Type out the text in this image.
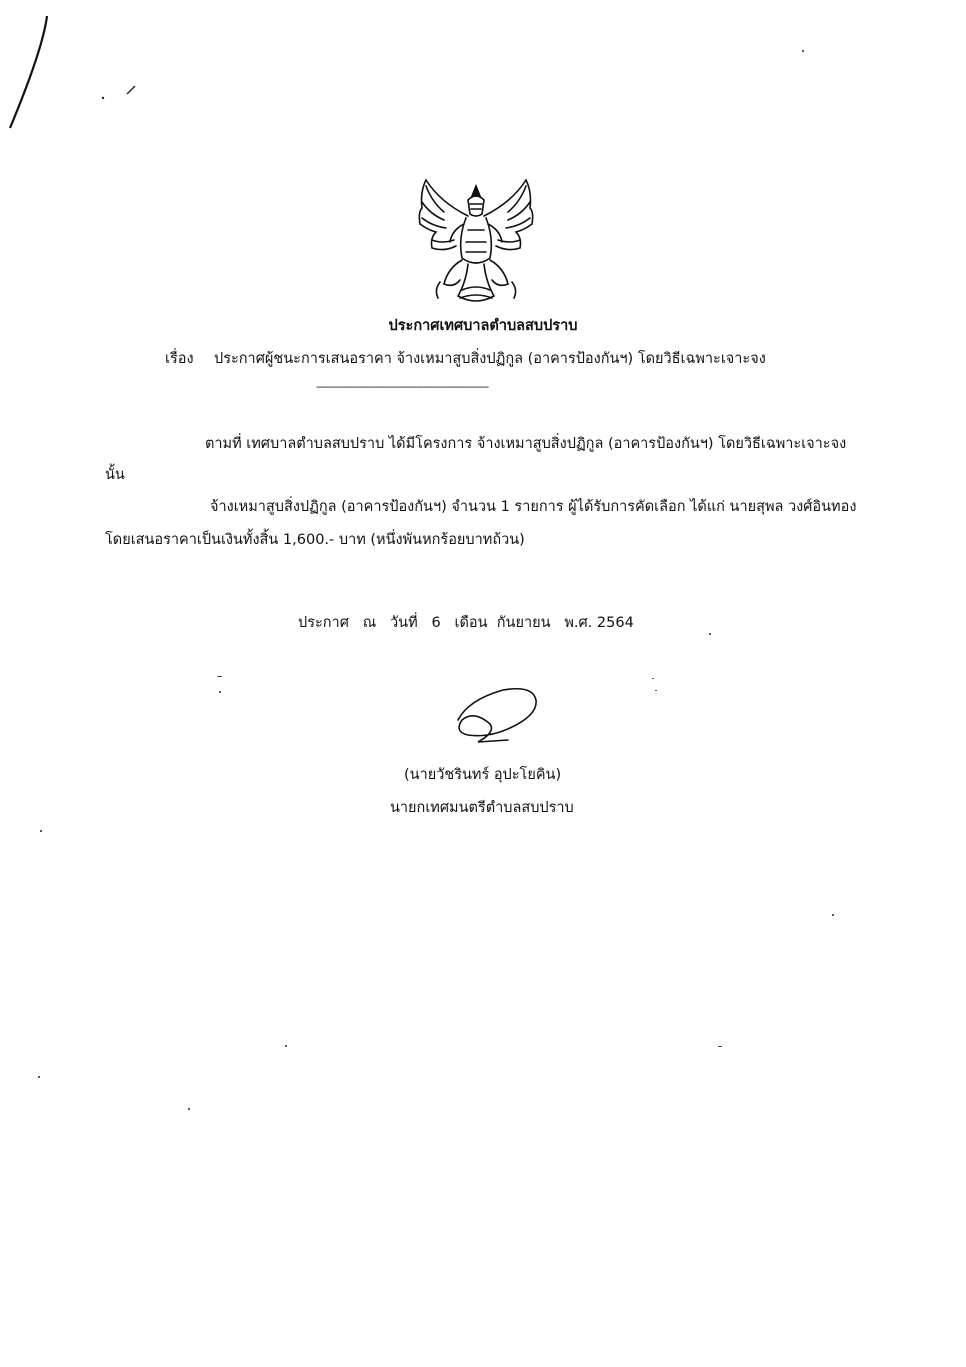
ประกาศเทศบาลตำบลสบปราบ
เรื่อง ประกาศผู้ชนะการเสนอราคา จ้างเหมาสูบสิ่งปฏิกูล (อาคารป้องกันฯ) โดยวิธีเฉพาะเจาะจง
----------------------------------------------------------
ตามที่ เทศบาลตำบลสบปราบ ได้มีโครงการ จ้างเหมาสูบสิ่งปฏิกูล (อาคารป้องกันฯ) โดยวิธีเฉพาะเจาะจง
นั้น
จ้างเหมาสูบสิ่งปฏิกูล (อาคารป้องกันฯ) จำนวน 1 รายการ ผู้ได้รับการคัดเลือก ได้แก่ นายสุพล วงศ์อินทอง
โดยเสนอราคาเป็นเงินทั้งสิ้น 1,600.- บาท (หนึ่งพันหกร้อยบาทถ้วน)
ประกาศ ณ วันที่ 6 เดือน กันยายน พ.ศ. 2564
(นายวัชรินทร์ อุปะโยคิน)
นายกเทศมนตรีตำบลสบปราบ
